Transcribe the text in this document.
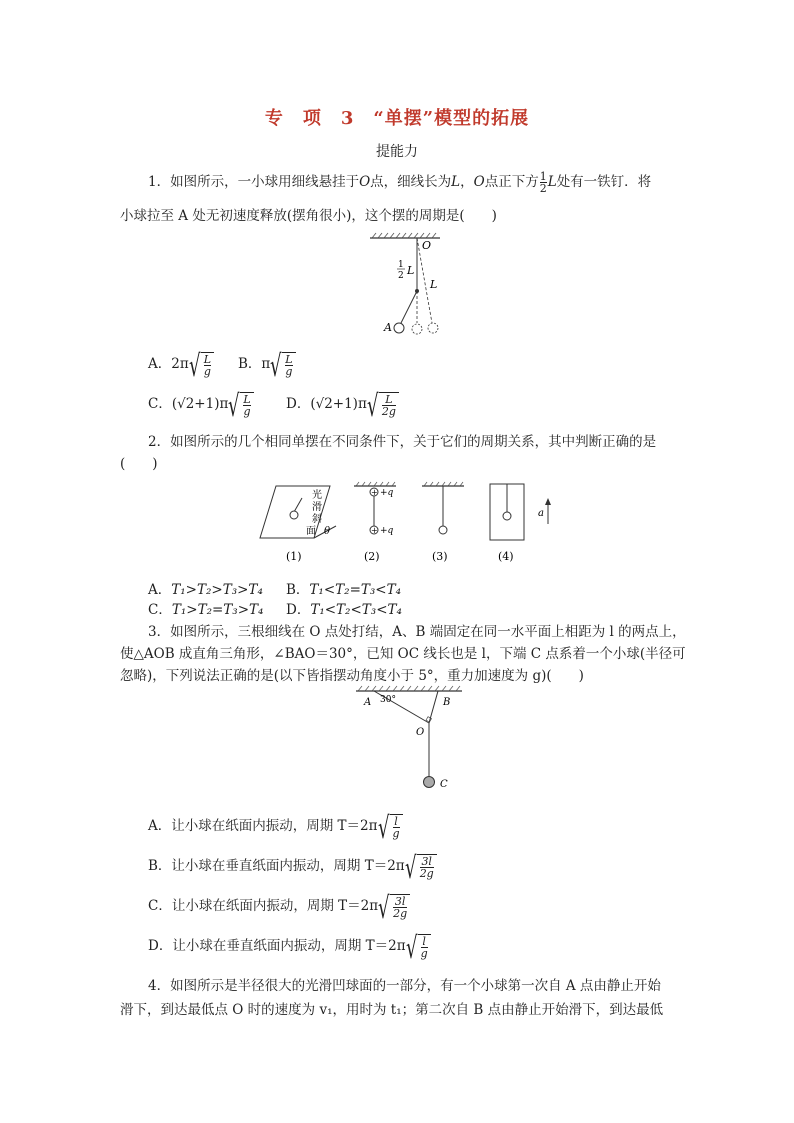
专　项　3　“单摆”模型的拓展
提能力
1．如图所示，一小球用细线悬挂于O点，细线长为L，O点正下方 $\frac{1}{2}$ L处有一铁钉．将
小球拉至 A 处无初速度释放(摆角很小)，这个摆的周期是(　　)
O
1
2 L
L
A
A．2π √ $\frac{L}{g}$ B．π √ $\frac{L}{g}$
C．(√2+1)π √ $\frac{L}{g}$	D．(√2+1)π √ $\frac{L}{2g}$
2．如图所示的几个相同单摆在不同条件下，关于它们的周期关系，其中判断正确的是
(　　)
光
滑
斜
面 θ
+ +q
+ +q
a
(1)	(2)	(3)	(4)
A．T₁>T₂>T₃>T₄ B．T₁<T₂=T₃<T₄
C．T₁>T₂=T₃>T₄ D．T₁<T₂<T₃<T₄
3．如图所示，三根细线在 O 点处打结，A、B 端固定在同一水平面上相距为 l 的两点上，
使△AOB 成直角三角形，∠BAO＝30°，已知 OC 线长也是 l，下端 C 点系着一个小球(半径可
忽略)，下列说法正确的是(以下皆指摆动角度小于 5°，重力加速度为 g)(　　)
A 30°	B
O
C
A．让小球在纸面内振动，周期 T＝2π √ $\frac{l}{g}$
B．让小球在垂直纸面内振动，周期 T＝2π √ $\frac{3l}{2g}$
C．让小球在纸面内振动，周期 T＝2π √ $\frac{3l}{2g}$
D．让小球在垂直纸面内振动，周期 T＝2π √ $\frac{l}{g}$
4．如图所示是半径很大的光滑凹球面的一部分，有一个小球第一次自 A 点由静止开始
滑下，到达最低点 O 时的速度为 v₁，用时为 t₁；第二次自 B 点由静止开始滑下，到达最低
